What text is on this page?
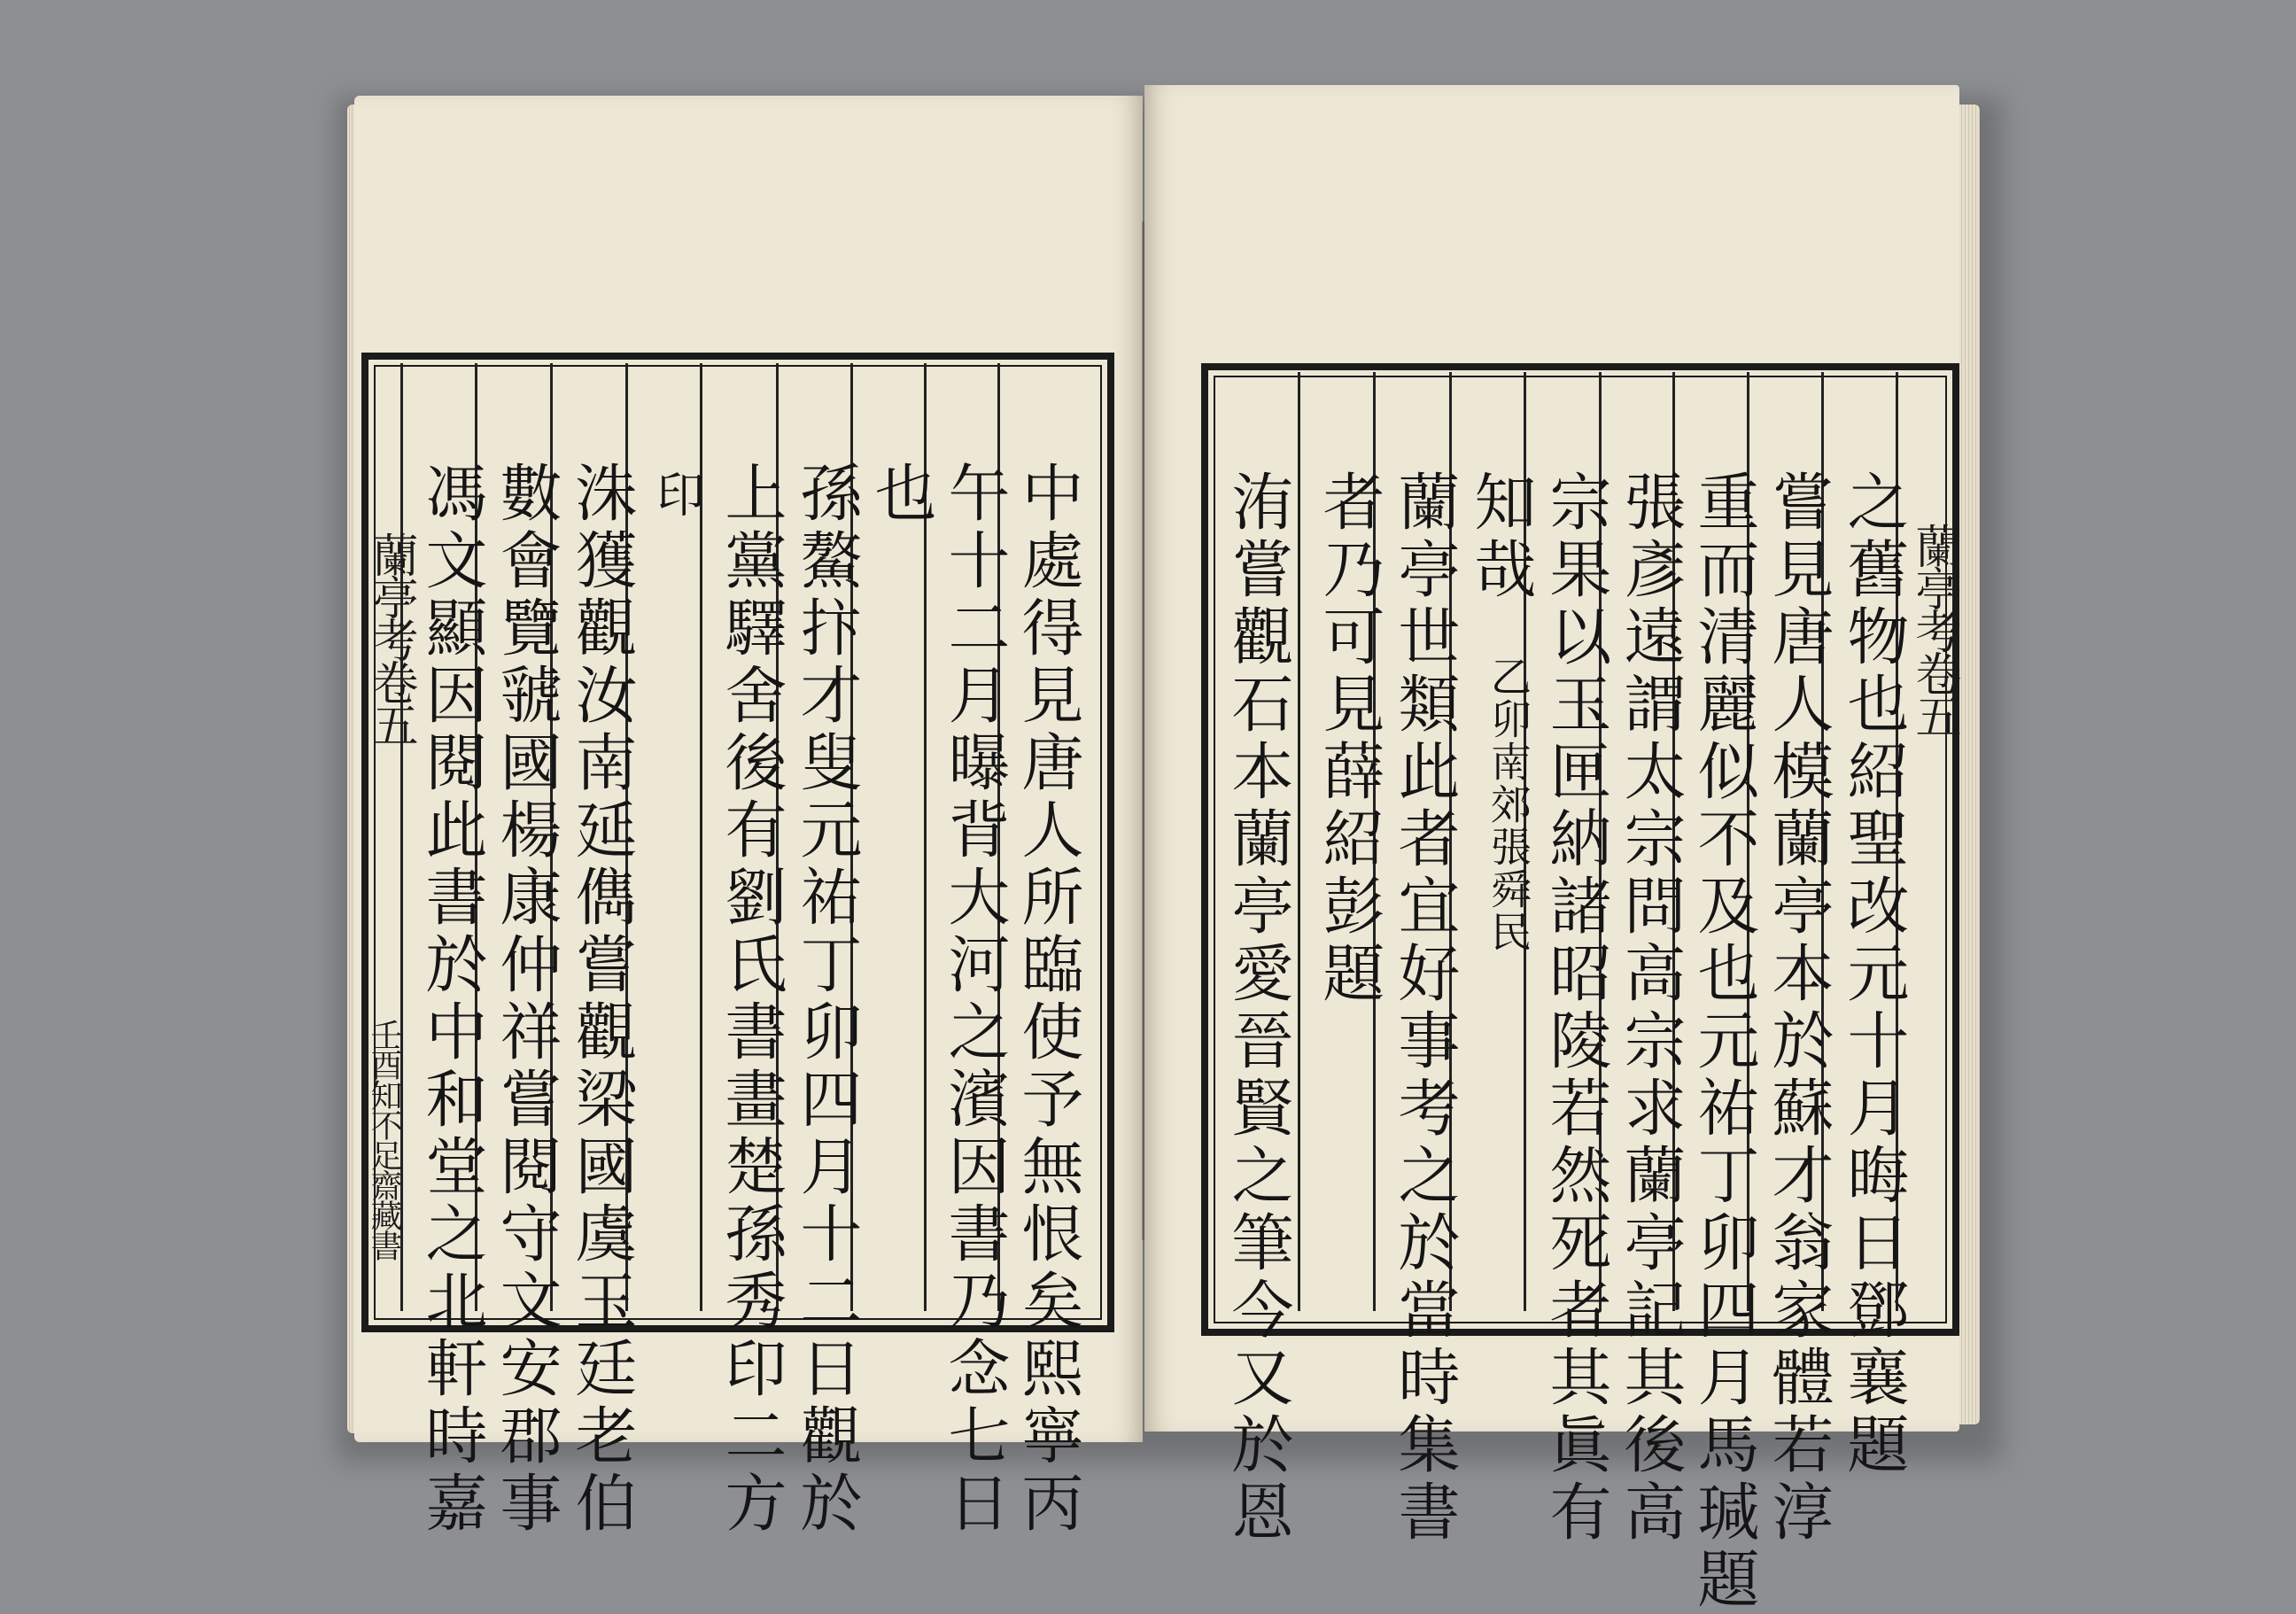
蘭亭考卷五
壬酉知不足齋藏書	中處得見唐人所臨使予無恨矣熙寧丙
午十二月曝背大河之濱因書乃念七日
也
孫鰲抃才叟元祐丁卯四月十二日觀於
上黨驛舍後有劉氏書畫楚孫秀印二方
印
洙獲觀汝南延儁嘗觀梁國虞玉廷老伯
數會覽虢國楊康仲祥嘗閱守文安郡事
馮文顯因閱此書於中和堂之北軒時嘉	蘭亭考卷五
之舊物也紹聖改元十月晦日鄧襄題
嘗見唐人模蘭亭本於蘇才翁家體若淳
重而清麗似不及也元祐丁卯四月馬瑊題
張彥遠謂太宗問高宗求蘭亭記其後高
宗果以玉匣納諸昭陵若然死者其眞有
知哉
乙卯南郊張舜民
蘭亭世類此者宜好事考之於當時集書
者乃可見薛紹彭題
洧嘗觀石本蘭亭愛晉賢之筆今又於恩
